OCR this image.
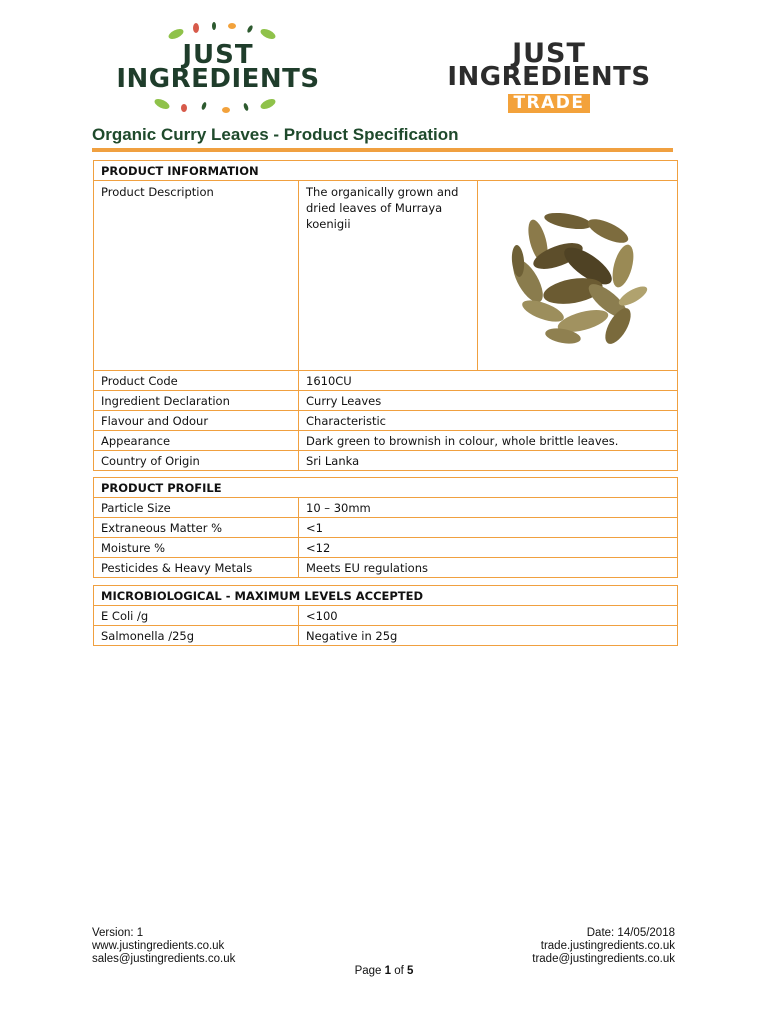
JUST
INGREDIENTS
JUST
INGREDIENTS
TRADE
Organic Curry Leaves - Product Specification
PRODUCT INFORMATION		
Product Description	The organically grown and dried leaves of Murraya koenigii	
Product Code	1610CU	
Ingredient Declaration	Curry Leaves	
Flavour and Odour	Characteristic	
Appearance	Dark green to brownish in colour, whole brittle leaves.	
Country of Origin	Sri Lanka	
PRODUCT PROFILE	
Particle Size	10 – 30mm
Extraneous Matter %	<1
Moisture %	<12
Pesticides & Heavy Metals	Meets EU regulations
MICROBIOLOGICAL - MAXIMUM LEVELS ACCEPTED	
E Coli /g	<100
Salmonella /25g	Negative in 25g
Version: 1
www.justingredients.co.uk
sales@justingredients.co.uk
Date: 14/05/2018
trade.justingredients.co.uk
trade@justingredients.co.uk
Page 1 of 5
